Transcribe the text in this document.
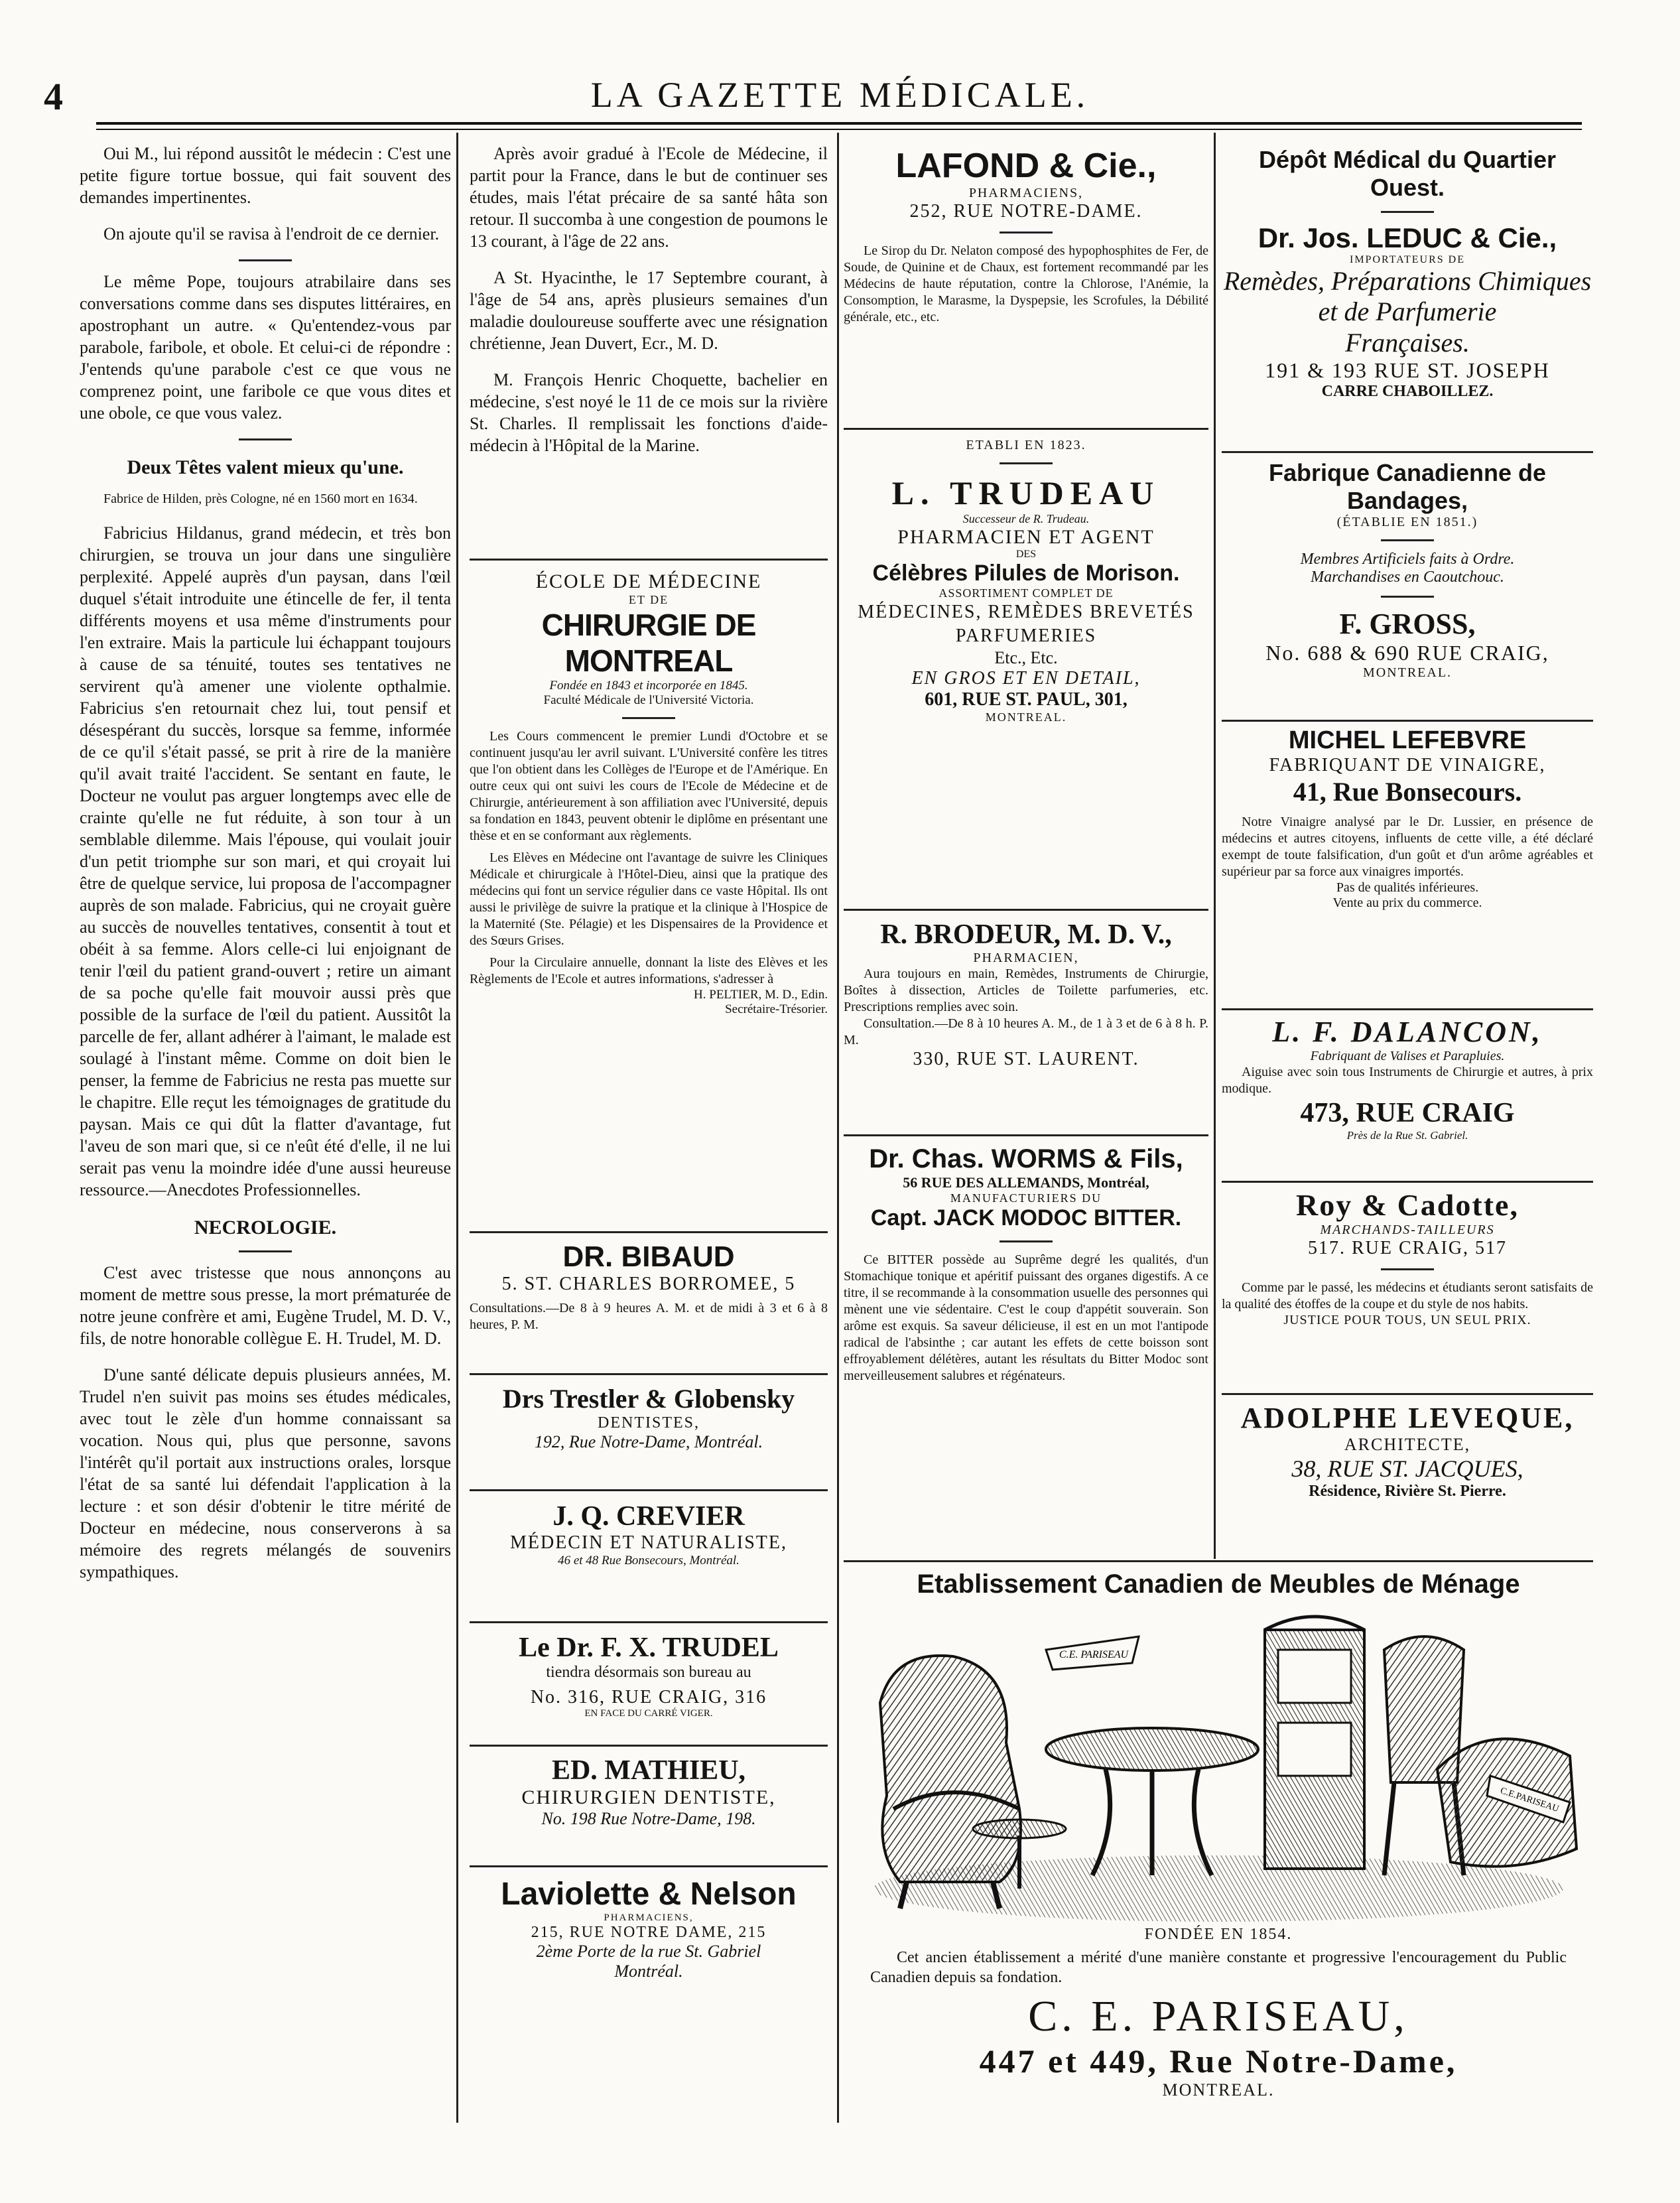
4	LA GAZETTE MÉDICALE.

Oui M., lui répond aussitôt le médecin : C'est une petite figure tortue bossue, qui fait souvent des demandes impertinentes.

On ajoute qu'il se ravisa à l'endroit de ce dernier.

Le même Pope, toujours atrabilaire dans ses conversations comme dans ses disputes littéraires, en apostrophant un autre. « Qu'entendez-vous par parabole, faribole, et obole. Et celui-ci de répondre : J'entends qu'une parabole c'est ce que vous ne comprenez point, une faribole ce que vous dites et une obole, ce que vous valez.

Deux Têtes valent mieux qu'une.

Fabrice de Hilden, près Cologne, né en 1560 mort en 1634.

Fabricius Hildanus, grand médecin, et très bon chirurgien, se trouva un jour dans une singulière perplexité. Appelé auprès d'un paysan, dans l'œil duquel s'était introduite une étincelle de fer, il tenta différents moyens et usa même d'instruments pour l'en extraire. Mais la particule lui échappant toujours à cause de sa ténuité, toutes ses tentatives ne servirent qu'à amener une violente opthalmie. Fabricius s'en retournait chez lui, tout pensif et désespérant du succès, lorsque sa femme, informée de ce qu'il s'était passé, se prit à rire de la manière qu'il avait traité l'accident. Se sentant en faute, le Docteur ne voulut pas arguer longtemps avec elle de crainte qu'elle ne fut réduite, à son tour à un semblable dilemme. Mais l'épouse, qui voulait jouir d'un petit triomphe sur son mari, et qui croyait lui être de quelque service, lui proposa de l'accompagner auprès de son malade. Fabricius, qui ne croyait guère au succès de nouvelles tentatives, consentit à tout et obéit à sa femme. Alors celle-ci lui enjoignant de tenir l'œil du patient grand-ouvert ; retire un aimant de sa poche qu'elle fait mouvoir aussi près que possible de la surface de l'œil du patient. Aussitôt la parcelle de fer, allant adhérer à l'aimant, le malade est soulagé à l'instant même. Comme on doit bien le penser, la femme de Fabricius ne resta pas muette sur le chapitre. Elle reçut les témoignages de gratitude du paysan. Mais ce qui dût la flatter d'avantage, fut l'aveu de son mari que, si ce n'eût été d'elle, il ne lui serait pas venu la moindre idée d'une aussi heureuse ressource.—Anecdotes Professionnelles.

NECROLOGIE.

C'est avec tristesse que nous annonçons au moment de mettre sous presse, la mort prématurée de notre jeune confrère et ami, Eugène Trudel, M. D. V., fils, de notre honorable collègue E. H. Trudel, M. D.

D'une santé délicate depuis plusieurs années, M. Trudel n'en suivit pas moins ses études médicales, avec tout le zèle d'un homme connaissant sa vocation. Nous qui, plus que personne, savons l'intérêt qu'il portait aux instructions orales, lorsque l'état de sa santé lui défendait l'application à la lecture : et son désir d'obtenir le titre mérité de Docteur en médecine, nous conserverons à sa mémoire des regrets mélangés de souvenirs sympathiques.

Après avoir gradué à l'Ecole de Médecine, il partit pour la France, dans le but de continuer ses études, mais l'état précaire de sa santé hâta son retour. Il succomba à une congestion de poumons le 13 courant, à l'âge de 22 ans.

A St. Hyacinthe, le 17 Septembre courant, à l'âge de 54 ans, après plusieurs semaines d'un maladie douloureuse soufferte avec une résignation chrétienne, Jean Duvert, Ecr., M. D.

M. François Henric Choquette, bachelier en médecine, s'est noyé le 11 de ce mois sur la rivière St. Charles. Il remplissait les fonctions d'aide-médecin à l'Hôpital de la Marine.

ÉCOLE DE MÉDECINE
ET DE
CHIRURGIE DE MONTREAL
Fondée en 1843 et incorporée en 1845.
Faculté Médicale de l'Université Victoria.
Les Cours commencent le premier Lundi d'Octobre et se continuent jusqu'au ler avril suivant. L'Université confère les titres que l'on obtient dans les Collèges de l'Europe et de l'Amérique. En outre ceux qui ont suivi les cours de l'Ecole de Médecine et de Chirurgie, antérieurement à son affiliation avec l'Université, depuis sa fondation en 1843, peuvent obtenir le diplôme en présentant une thèse et en se conformant aux règlements.
Les Elèves en Médecine ont l'avantage de suivre les Cliniques Médicale et chirurgicale à l'Hôtel-Dieu, ainsi que la pratique des médecins qui font un service régulier dans ce vaste Hôpital. Ils ont aussi le privilège de suivre la pratique et la clinique à l'Hospice de la Maternité (Ste. Pélagie) et les Dispensaires de la Providence et des Sœurs Grises.
Pour la Circulaire annuelle, donnant la liste des Elèves et les Règlements de l'Ecole et autres informations, s'adresser à
H. PELTIER, M. D., Edin.
Secrétaire-Trésorier.
DR. BIBAUD
5. ST. CHARLES BORROMEE, 5
Consultations.—De 8 à 9 heures A. M. et de midi à 3 et 6 à 8 heures, P. M.
Drs Trestler & Globensky
DENTISTES,
192, Rue Notre-Dame, Montréal.
J. Q. CREVIER
MÉDECIN ET NATURALISTE,
46 et 48 Rue Bonsecours, Montréal.
Le Dr. F. X. TRUDEL
tiendra désormais son bureau au
No. 316, RUE CRAIG, 316
EN FACE DU CARRÉ VIGER.
ED. MATHIEU,
CHIRURGIEN DENTISTE,
No. 198 Rue Notre-Dame, 198.
Laviolette & Nelson
PHARMACIENS,
215, RUE NOTRE DAME, 215
2ème Porte de la rue St. Gabriel
Montréal.
LAFOND & Cie.,
PHARMACIENS,
252, RUE NOTRE-DAME.
Le Sirop du Dr. Nelaton composé des hypophosphites de Fer, de Soude, de Quinine et de Chaux, est fortement recommandé par les Médecins de haute réputation, contre la Chlorose, l'Anémie, la Consomption, le Marasme, la Dyspepsie, les Scrofules, la Débilité générale, etc., etc.
ETABLI EN 1823.
L. TRUDEAU
Successeur de R. Trudeau.
PHARMACIEN ET AGENT
DES
Célèbres Pilules de Morison.
ASSORTIMENT COMPLET DE
MÉDECINES, REMÈDES BREVETÉS PARFUMERIES
Etc., Etc.
EN GROS ET EN DETAIL,
601, RUE ST. PAUL, 301,
MONTREAL.
R. BRODEUR, M. D. V.,
PHARMACIEN,
Aura toujours en main, Remèdes, Instruments de Chirurgie, Boîtes à dissection, Articles de Toilette parfumeries, etc. Prescriptions remplies avec soin.
Consultation.—De 8 à 10 heures A. M., de 1 à 3 et de 6 à 8 h. P. M.
330, RUE ST. LAURENT.
Dr. Chas. WORMS & Fils,
56 RUE DES ALLEMANDS, Montréal,
MANUFACTURIERS DU
Capt. JACK MODOC BITTER.
Ce BITTER possède au Suprême degré les qualités, d'un Stomachique tonique et apéritif puissant des organes digestifs. A ce titre, il se recommande à la consommation usuelle des personnes qui mènent une vie sédentaire. C'est le coup d'appétit souverain. Son arôme est exquis. Sa saveur délicieuse, il est en un mot l'antipode radical de l'absinthe ; car autant les effets de cette boisson sont effroyablement délétères, autant les résultats du Bitter Modoc sont merveilleusement salubres et régénateurs.
Dépôt Médical du Quartier Ouest.
Dr. Jos. LEDUC & Cie.,
IMPORTATEURS DE
Remèdes, Préparations Chimiques et de Parfumerie
Françaises.
191 & 193 RUE ST. JOSEPH
CARRE CHABOILLEZ.
Fabrique Canadienne de Bandages,
(ÉTABLIE EN 1851.)
Membres Artificiels faits à Ordre.
Marchandises en Caoutchouc.
F. GROSS,
No. 688 & 690 RUE CRAIG,
MONTREAL.
MICHEL LEFEBVRE
FABRIQUANT DE VINAIGRE,
41, Rue Bonsecours.
Notre Vinaigre analysé par le Dr. Lussier, en présence de médecins et autres citoyens, influents de cette ville, a été déclaré exempt de toute falsification, d'un goût et d'un arôme agréables et supérieur par sa force aux vinaigres importés.
Pas de qualités inférieures.
Vente au prix du commerce.
L. F. DALANCON,
Fabriquant de Valises et Parapluies.
Aiguise avec soin tous Instruments de Chirurgie et autres, à prix modique.
473, RUE CRAIG
Près de la Rue St. Gabriel.
Roy & Cadotte,
MARCHANDS-TAILLEURS
517. RUE CRAIG, 517
Comme par le passé, les médecins et étudiants seront satisfaits de la qualité des étoffes de la coupe et du style de nos habits.
JUSTICE POUR TOUS, UN SEUL PRIX.
ADOLPHE LEVEQUE,
ARCHITECTE,
38, RUE ST. JACQUES,
Résidence, Rivière St. Pierre.
Etablissement Canadien de Meubles de Ménage
C.E. PARISEAU
C.E.PARISEAU
FONDÉE EN 1854.
Cet ancien établissement a mérité d'une manière constante et progressive l'encouragement du Public Canadien depuis sa fondation.
C. E. PARISEAU,
447 et 449, Rue Notre-Dame,
MONTREAL.
